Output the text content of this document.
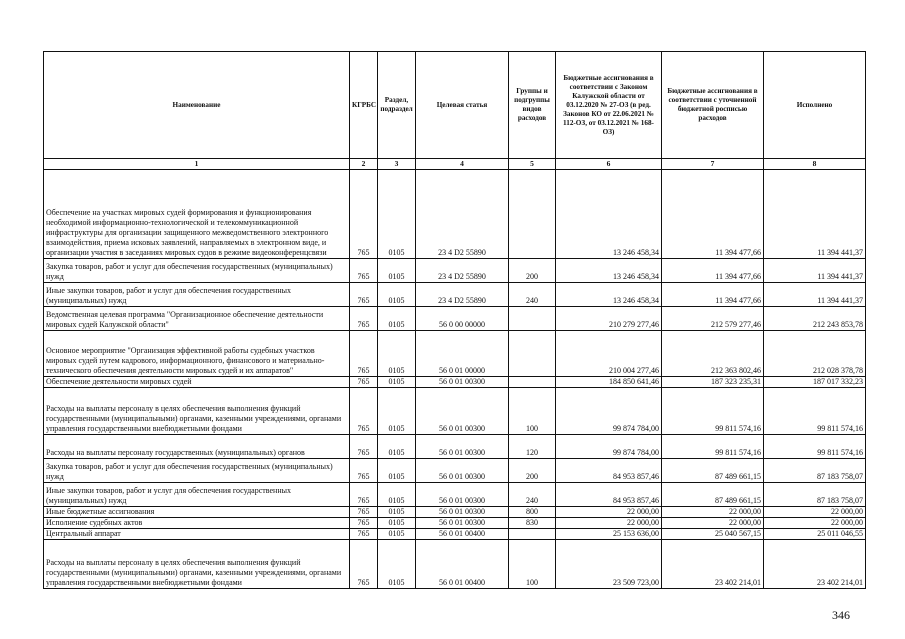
Наименование	КГРБС	Раздел, подраздел	Целевая статья	Группы и подгруппы видов расходов	Бюджетные ассигнования в соответствии с Законом Калужской области от 03.12.2020 № 27-ОЗ (в ред. Законов КО от 22.06.2021 № 112-ОЗ, от 03.12.2021 № 168-ОЗ)	Бюджетные ассигнования в соответствии с уточненной бюджетной росписью расходов	Исполнено
1	2	3	4	5	6	7	8
Обеспечение на участках мировых судей формирования и функционирования необходимой информационно-технологической и телекоммуникационной инфраструктуры для организации защищенного межведомственного электронного взаимодействия, приема исковых заявлений, направляемых в электронном виде, и организации участия в заседаниях мировых судов в режиме видеоконференцсвязи	765	0105	23 4 D2 55890		13 246 458,34	11 394 477,66	11 394 441,37
Закупка товаров, работ и услуг для обеспечения государственных (муниципальных) нужд	765	0105	23 4 D2 55890	200	13 246 458,34	11 394 477,66	11 394 441,37
Иные закупки товаров, работ и услуг для обеспечения государственных (муниципальных) нужд	765	0105	23 4 D2 55890	240	13 246 458,34	11 394 477,66	11 394 441,37
Ведомственная целевая программа "Организационное обеспечение деятельности мировых судей Калужской области"	765	0105	56 0 00 00000		210 279 277,46	212 579 277,46	212 243 853,78
Основное мероприятие "Организация эффективной работы судебных участков мировых судей путем кадрового, информационного, финансового и материально-технического обеспечения деятельности мировых судей и их аппаратов"	765	0105	56 0 01 00000		210 004 277,46	212 363 802,46	212 028 378,78
Обеспечение деятельности мировых судей	765	0105	56 0 01 00300		184 850 641,46	187 323 235,31	187 017 332,23
Расходы на выплаты персоналу в целях обеспечения выполнения функций государственными (муниципальными) органами, казенными учреждениями, органами управления государственными внебюджетными фондами	765	0105	56 0 01 00300	100	99 874 784,00	99 811 574,16	99 811 574,16
Расходы на выплаты персоналу государственных (муниципальных) органов	765	0105	56 0 01 00300	120	99 874 784,00	99 811 574,16	99 811 574,16
Закупка товаров, работ и услуг для обеспечения государственных (муниципальных) нужд	765	0105	56 0 01 00300	200	84 953 857,46	87 489 661,15	87 183 758,07
Иные закупки товаров, работ и услуг для обеспечения государственных (муниципальных) нужд	765	0105	56 0 01 00300	240	84 953 857,46	87 489 661,15	87 183 758,07
Иные бюджетные ассигнования	765	0105	56 0 01 00300	800	22 000,00	22 000,00	22 000,00
Исполнение судебных актов	765	0105	56 0 01 00300	830	22 000,00	22 000,00	22 000,00
Центральный аппарат	765	0105	56 0 01 00400		25 153 636,00	25 040 567,15	25 011 046,55
Расходы на выплаты персоналу в целях обеспечения выполнения функций государственными (муниципальными) органами, казенными учреждениями, органами управления государственными внебюджетными фондами	765	0105	56 0 01 00400	100	23 509 723,00	23 402 214,01	23 402 214,01
346
